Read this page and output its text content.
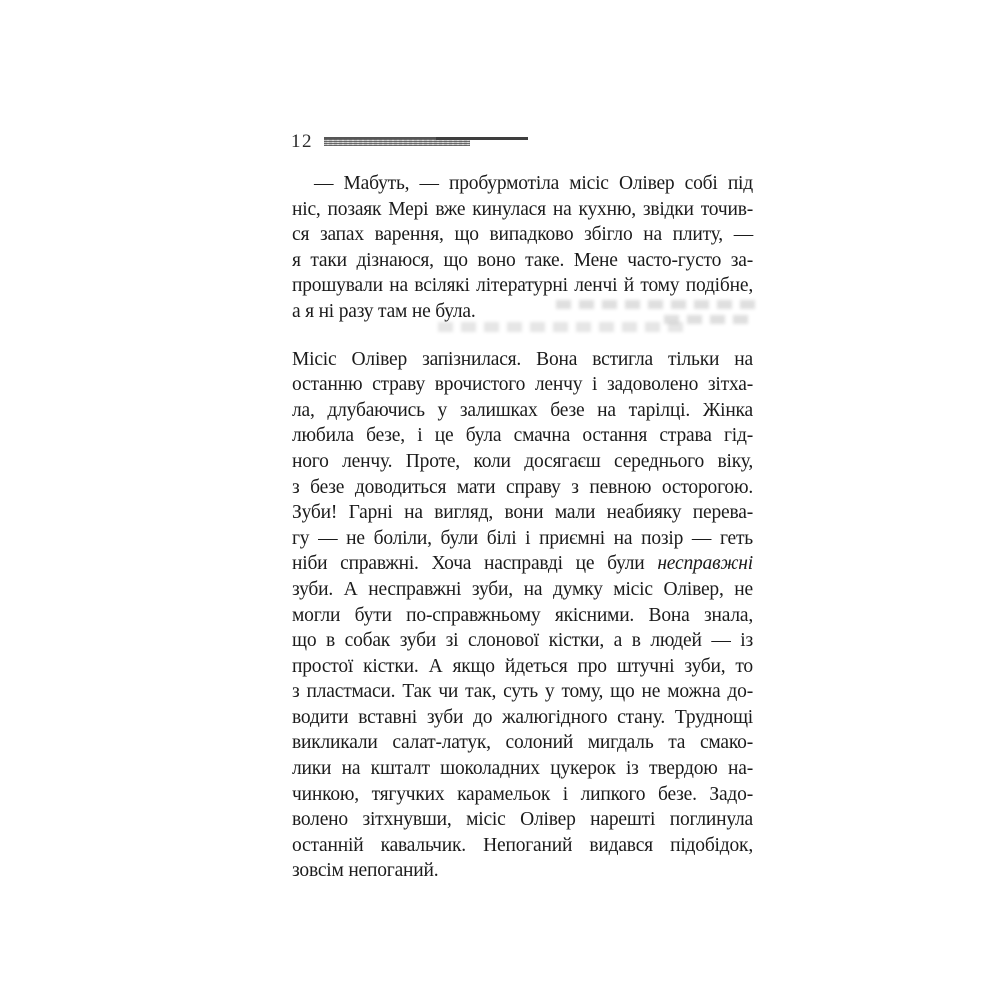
12
— Мабуть, — пробурмотіла місіс Олівер собі під
ніс, позаяк Мері вже кинулася на кухню, звідки точив-
ся запах варення, що випадково збігло на плиту, —
я таки дізнаюся, що воно таке. Мене часто-густо за-
прошували на всілякі літературні ленчі й тому подібне,
а я ні разу там не була.
Місіс Олівер запізнилася. Вона встигла тільки на
останню страву врочистого ленчу і задоволено зітха-
ла, длубаючись у залишках безе на тарілці. Жінка
любила безе, і це була смачна остання страва гід-
ного ленчу. Проте, коли досягаєш середнього віку,
з безе доводиться мати справу з певною осторогою.
Зуби! Гарні на вигляд, вони мали неабияку перева-
гу — не боліли, були білі і приємні на позір — геть
ніби справжні. Хоча насправді це були несправжні
зуби. А несправжні зуби, на думку місіс Олівер, не
могли бути по-справжньому якісними. Вона знала,
що в собак зуби зі слонової кістки, а в людей — із
простої кістки. А якщо йдеться про штучні зуби, то
з пластмаси. Так чи так, суть у тому, що не можна до-
водити вставні зуби до жалюгідного стану. Труднощі
викликали салат-латук, солоний мигдаль та смако-
лики на кшталт шоколадних цукерок із твердою на-
чинкою, тягучких карамельок і липкого безе. Задо-
волено зітхнувши, місіс Олівер нарешті поглинула
останній кавальчик. Непоганий видався підобідок,
зовсім непоганий.
